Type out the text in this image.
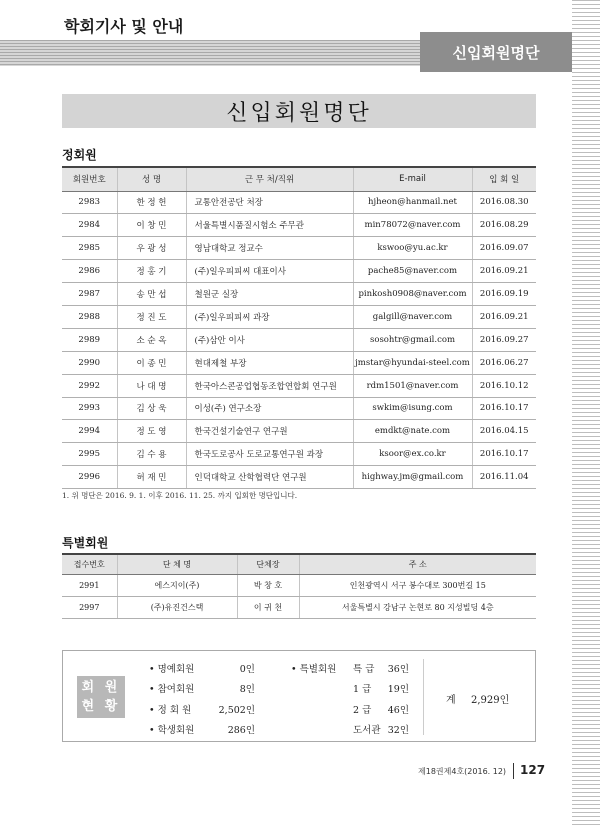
학회기사 및 안내
신입회원명단
신입회원명단
정회원
회원번호	성 명	근 무 처/직위	E-mail	입 회 일
2983	한 정 헌	교통안전공단 처장	hjheon@hanmail.net	2016.08.30
2984	이 창 민	서울특별시품질시험소 주무관	min78072@naver.com	2016.08.29
2985	우 광 성	영남대학교 정교수	kswoo@yu.ac.kr	2016.09.07
2986	정 홍 기	(주)일우피피씨 대표이사	pache85@naver.com	2016.09.21
2987	송 만 섭	철원군 실장	pinkosh0908@naver.com	2016.09.19
2988	정 진 도	(주)일우피피씨 과장	galgill@naver.com	2016.09.21
2989	소 순 옥	(주)삼안 이사	sosohtr@gmail.com	2016.09.27
2990	이 종 민	현대제철 부장	jmstar@hyundai-steel.com	2016.06.27
2992	나 대 명	한국아스콘공업협동조합연합회 연구원	rdm1501@naver.com	2016.10.12
2993	김 상 욱	이성(주) 연구소장	swkim@isung.com	2016.10.17
2994	정 도 영	한국건설기술연구 연구원	emdkt@nate.com	2016.04.15
2995	김 수 용	한국도로공사 도로교통연구원 과장	ksoor@ex.co.kr	2016.10.17
2996	허 재 민	인덕대학교 산학협력단 연구원	highway.jm@gmail.com	2016.11.04
1. 위 명단은 2016. 9. 1. 이후 2016. 11. 25. 까지 입회한 명단입니다.
특별회원
접수번호	단 체 명	단체장	주 소
2991	에스지이(주)	박 창 호	인천광역시 서구 봉수대로 300번길 15
2997	(주)유진건스택	이 귀 천	서울특별시 강남구 논현로 80 지성빌딩 4층
회 원
현 황
• 명예회원	0인
• 참여회원	8인
• 정 회 원	2,502인
• 학생회원	286인
• 특별회원 특 급	36인
1 급	19인
2 급	46인
도서관 32인
계 2,929인
제18권제4호(2016. 12) 127
